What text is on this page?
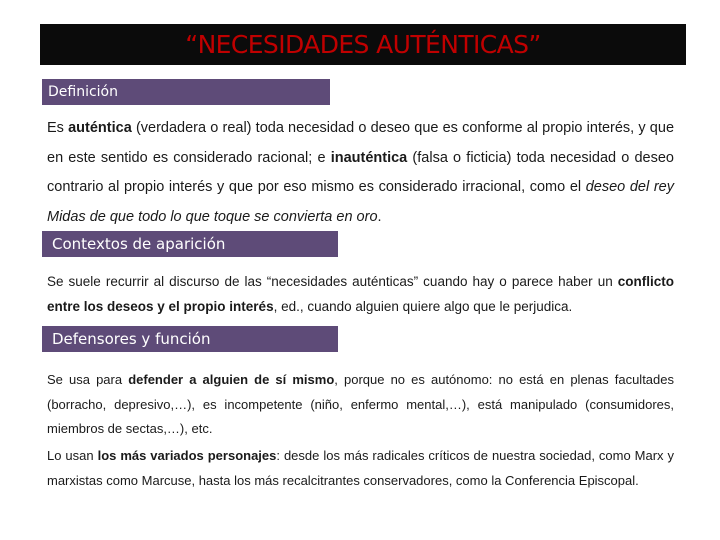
“NECESIDADES AUTÉNTICAS”
Definición
Es auténtica (verdadera o real) toda necesidad o deseo que es conforme al propio interés, y que en este sentido es considerado racional; e inauténtica (falsa o ficticia) toda necesidad o deseo contrario al propio interés y que por eso mismo es considerado irracional, como el deseo del rey Midas de que todo lo que toque se convierta en oro.
Contextos de aparición
Se suele recurrir al discurso de las “necesidades auténticas” cuando hay o parece haber un conflicto entre los deseos y el propio interés, ed., cuando alguien quiere algo que le perjudica.
Defensores y función
Se usa para defender a alguien de sí mismo, porque no es autónomo: no está en plenas facultades (borracho, depresivo,…), es incompetente (niño, enfermo mental,…), está manipulado (consumidores, miembros de sectas,…), etc.
Lo usan los más variados personajes: desde los más radicales críticos de nuestra sociedad, como Marx y marxistas como Marcuse, hasta los más recalcitrantes conservadores, como la Conferencia Episcopal.
